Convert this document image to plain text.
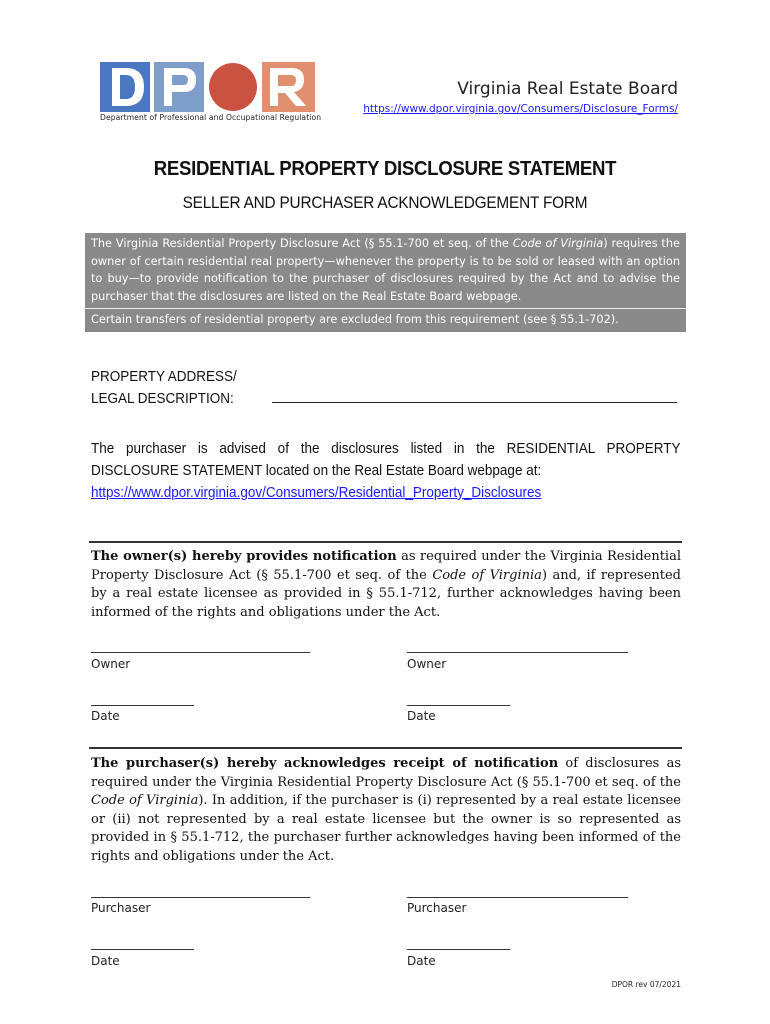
Department of Professional and Occupational Regulation
Virginia Real Estate Board
https://www.dpor.virginia.gov/Consumers/Disclosure_Forms/
RESIDENTIAL PROPERTY DISCLOSURE STATEMENT
SELLER AND PURCHASER ACKNOWLEDGEMENT FORM

The Virginia Residential Property Disclosure Act (§ 55.1-700 et seq. of the Code of Virginia) requires the owner of certain residential real property—whenever the property is to be sold or leased with an option to buy—to provide notification to the purchaser of disclosures required by the Act and to advise the purchaser that the disclosures are listed on the Real Estate Board webpage.

Certain transfers of residential property are excluded from this requirement (see § 55.1-702).

PROPERTY ADDRESS/
LEGAL DESCRIPTION:
The purchaser is advised of the disclosures listed in the RESIDENTIAL PROPERTY DISCLOSURE STATEMENT located on the Real Estate Board webpage at:
https://www.dpor.virginia.gov/Consumers/Residential_Property_Disclosures
The owner(s) hereby provides notification as required under the Virginia Residential Property Disclosure Act (§ 55.1-700 et seq. of the Code of Virginia) and, if represented by a real estate licensee as provided in § 55.1-712, further acknowledges having been informed of the rights and obligations under the Act.
Owner	Owner
Date	Date
The purchaser(s) hereby acknowledges receipt of notification of disclosures as required under the Virginia Residential Property Disclosure Act (§ 55.1-700 et seq. of the Code of Virginia). In addition, if the purchaser is (i) represented by a real estate licensee or (ii) not represented by a real estate licensee but the owner is so represented as provided in § 55.1-712, the purchaser further acknowledges having been informed of the rights and obligations under the Act.
Purchaser	Purchaser
Date	Date
DPOR rev 07/2021
